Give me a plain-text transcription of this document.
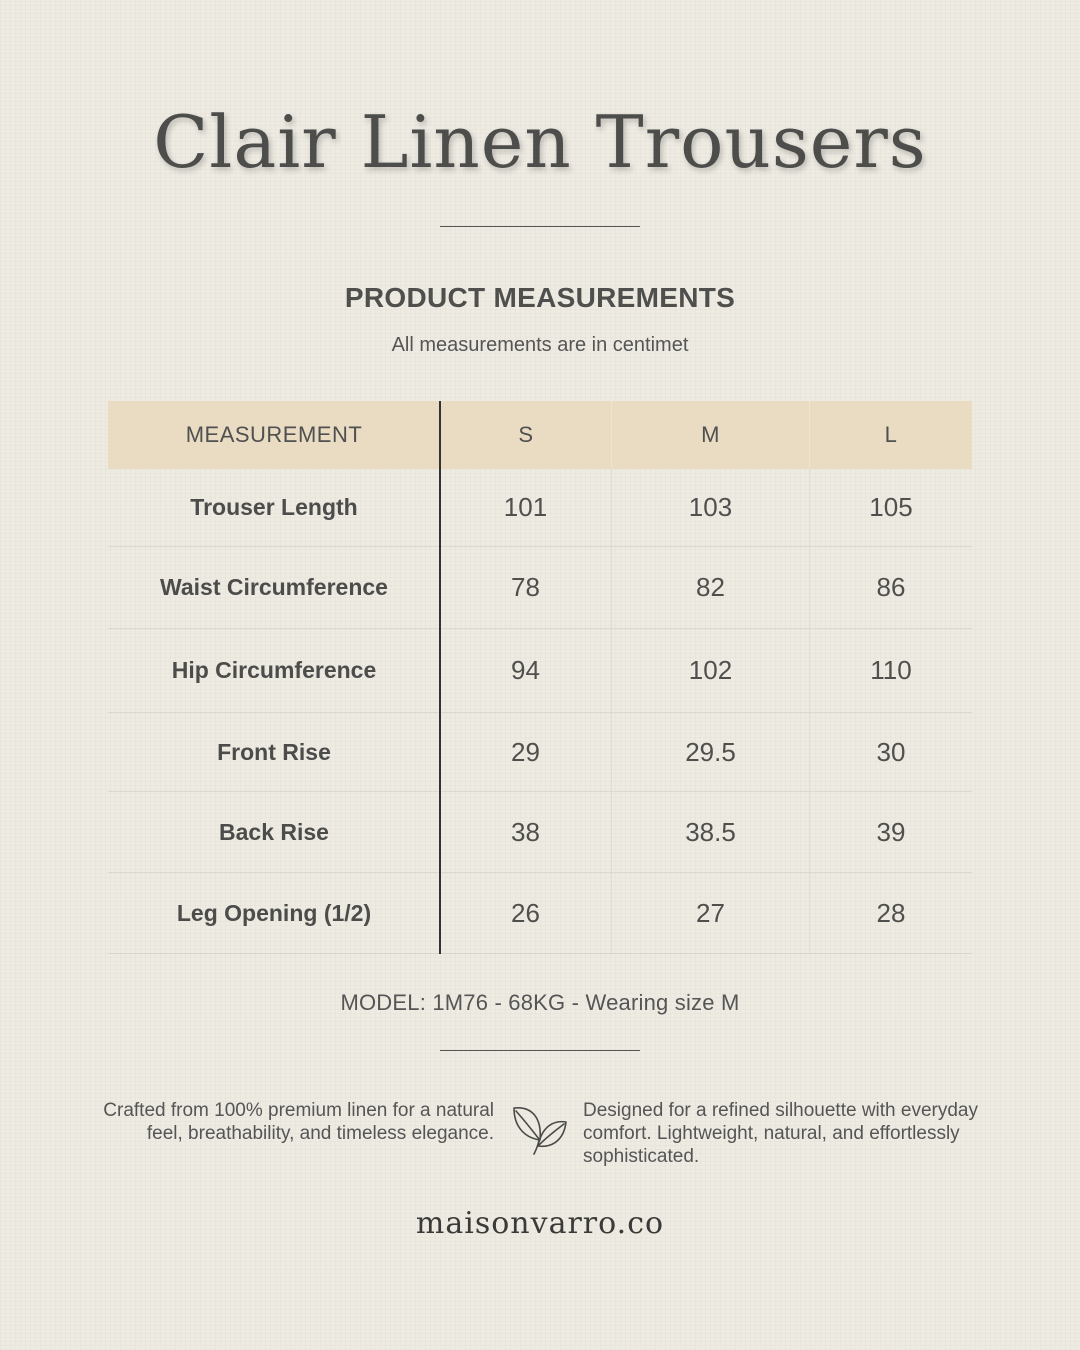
Clair Linen Trousers
PRODUCT MEASUREMENTS
All measurements are in centimet
MEASUREMENT	S	M	L
Trouser Length	101	103	105
Waist Circumference	78	82	86
Hip Circumference	94	102	110
Front Rise	29	29.5	30
Back Rise	38	38.5	39
Leg Opening (1/2)	26	27	28
MODEL: 1M76 - 68KG - Wearing size M
Crafted from 100% premium linen for a natural feel, breathability, and timeless elegance.
Designed for a refined silhouette with everyday comfort. Lightweight, natural, and effortlessly sophisticated.
maisonvarro.co
